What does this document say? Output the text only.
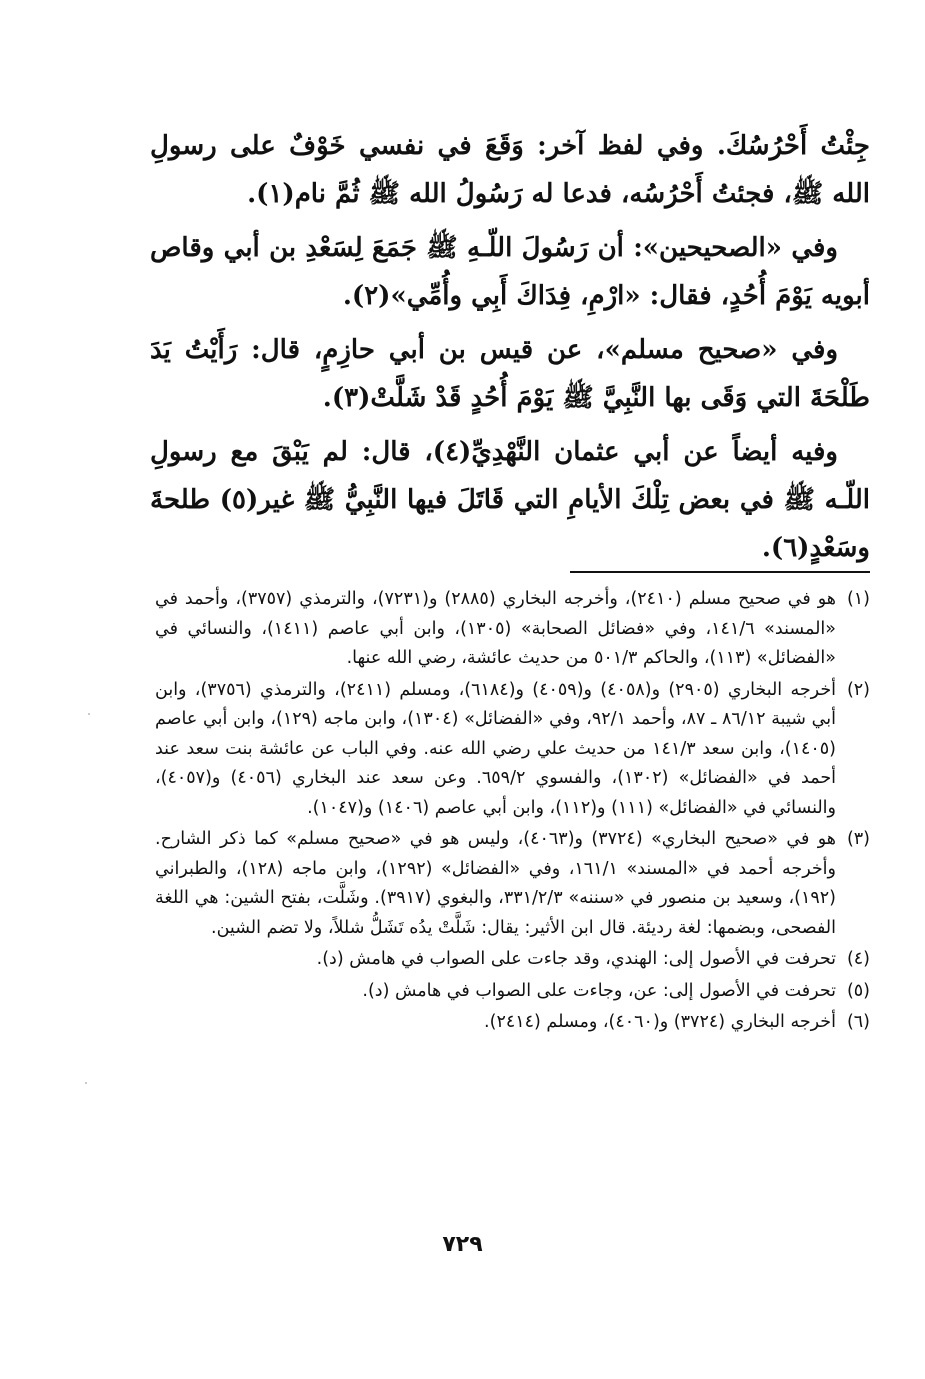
جِئْتُ أَحْرُسُكَ. وفي لفظ آخر: وَقَعَ في نفسي خَوْفٌ على رسولِ الله ﷺ، فجئتُ أَحْرُسُه، فدعا له رَسُولُ الله ﷺ ثُمَّ نام(١).

وفي «الصحيحين»: أن رَسُولَ اللّـهِ ﷺ جَمَعَ لِسَعْدِ بن أبي وقاص أبويه يَوْمَ أُحُدٍ، فقال: «ارْمِ، فِدَاكَ أَبِي وأُمِّي»(٢).

وفي «صحيح مسلم»، عن قيس بن أبي حازِمٍ، قال: رَأَيْتُ يَدَ طَلْحَةَ التي وَقَى بها النَّبِيَّ ﷺ يَوْمَ أُحُدٍ قَدْ شَلَّتْ(٣).

وفيه أيضاً عن أبي عثمان النَّهْدِيِّ(٤)، قال: لم يَبْقَ مع رسولِ اللّـه ﷺ في بعض تِلْكَ الأيامِ التي قَاتَلَ فيها النَّبِيُّ ﷺ غير(٥) طلحةَ وسَعْدٍ(٦).

(١)
هو في صحيح مسلم (٢٤١٠)، وأخرجه البخاري (٢٨٨٥) و(٧٢٣١)، والترمذي (٣٧٥٧)، وأحمد في «المسند» ١٤١/٦، وفي «فضائل الصحابة» (١٣٠٥)، وابن أبي عاصم (١٤١١)، والنسائي في «الفضائل» (١١٣)، والحاكم ٥٠١/٣ من حديث عائشة، رضي الله عنها.
(٢)
أخرجه البخاري (٢٩٠٥) و(٤٠٥٨) و(٤٠٥٩) و(٦١٨٤)، ومسلم (٢٤١١)، والترمذي (٣٧٥٦)، وابن أبي شيبة ٨٦/١٢ ـ ٨٧، وأحمد ٩٢/١، وفي «الفضائل» (١٣٠٤)، وابن ماجه (١٢٩)، وابن أبي عاصم (١٤٠٥)، وابن سعد ١٤١/٣ من حديث علي رضي الله عنه. وفي الباب عن عائشة بنت سعد عند أحمد في «الفضائل» (١٣٠٢)، والفسوي ٦٥٩/٢. وعن سعد عند البخاري (٤٠٥٦) و(٤٠٥٧)، والنسائي في «الفضائل» (١١١) و(١١٢)، وابن أبي عاصم (١٤٠٦) و(١٠٤٧).
(٣)
هو في «صحيح البخاري» (٣٧٢٤) و(٤٠٦٣)، وليس هو في «صحيح مسلم» كما ذكر الشارح. وأخرجه أحمد في «المسند» ١٦١/١، وفي «الفضائل» (١٢٩٢)، وابن ماجه (١٢٨)، والطبراني (١٩٢)، وسعيد بن منصور في «سننه» ٣٣١/٢/٣، والبغوي (٣٩١٧). وشَلَّت، بفتح الشين: هي اللغة الفصحى، وبضمها: لغة رديئة. قال ابن الأثير: يقال: شَلَّتْ يدُه تَشَلُّ شللاً، ولا تضم الشين.
(٤)
تحرفت في الأصول إلى: الهندي، وقد جاءت على الصواب في هامش (د).
(٥)
تحرفت في الأصول إلى: عن، وجاءت على الصواب في هامش (د).
(٦)
أخرجه البخاري (٣٧٢٤) و(٤٠٦٠)، ومسلم (٢٤١٤).
٧٢٩
